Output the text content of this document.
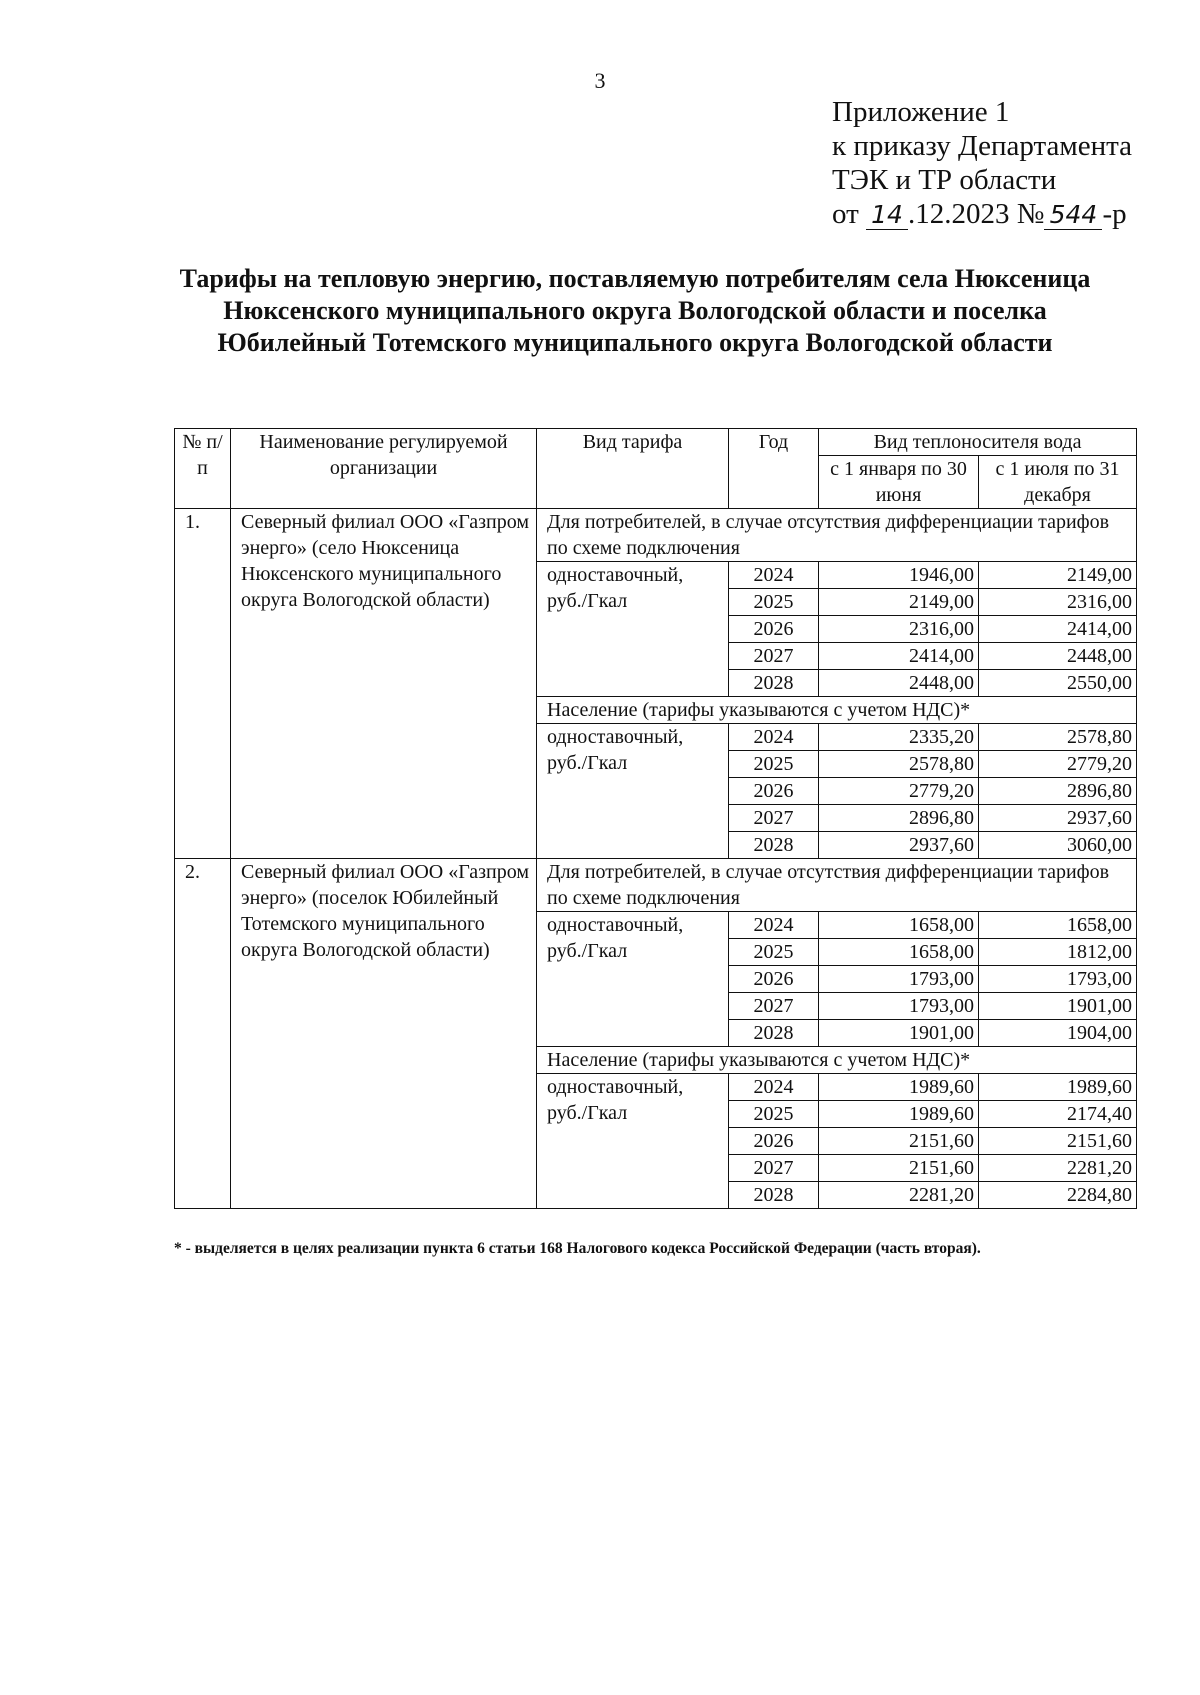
3
Приложение 1
к приказу Департамента
ТЭК и ТР области
от 14 .12.2023 № 544 -р
Тарифы на тепловую энергию, поставляемую потребителям села Нюксеница Нюксенского муниципального округа Вологодской области и поселка Юбилейный Тотемского муниципального округа Вологодской области
№ п/п	Наименование регулируемой организации	Вид тарифа	Год	Вид теплоносителя вода	
				с 1 января по 30 июня	с 1 июля по 31 декабря
1.	Северный филиал ООО «Газпром энерго» (село Нюксеница Нюксенского муниципального округа Вологодской области)	Для потребителей, в случае отсутствия дифференциации тарифов по схеме подключения			
		одноставочный, руб./Гкал	2024	1946,00	2149,00
			2025	2149,00	2316,00
			2026	2316,00	2414,00
			2027	2414,00	2448,00
			2028	2448,00	2550,00
		Население (тарифы указываются с учетом НДС)*			
		одноставочный, руб./Гкал	2024	2335,20	2578,80
			2025	2578,80	2779,20
			2026	2779,20	2896,80
			2027	2896,80	2937,60
			2028	2937,60	3060,00
2.	Северный филиал ООО «Газпром энерго» (поселок Юбилейный Тотемского муниципального округа Вологодской области)	Для потребителей, в случае отсутствия дифференциации тарифов по схеме подключения			
		одноставочный, руб./Гкал	2024	1658,00	1658,00
			2025	1658,00	1812,00
			2026	1793,00	1793,00
			2027	1793,00	1901,00
			2028	1901,00	1904,00
		Население (тарифы указываются с учетом НДС)*			
		одноставочный, руб./Гкал	2024	1989,60	1989,60
			2025	1989,60	2174,40
			2026	2151,60	2151,60
			2027	2151,60	2281,20
			2028	2281,20	2284,80
* - выделяется в целях реализации пункта 6 статьи 168 Налогового кодекса Российской Федерации (часть вторая).
